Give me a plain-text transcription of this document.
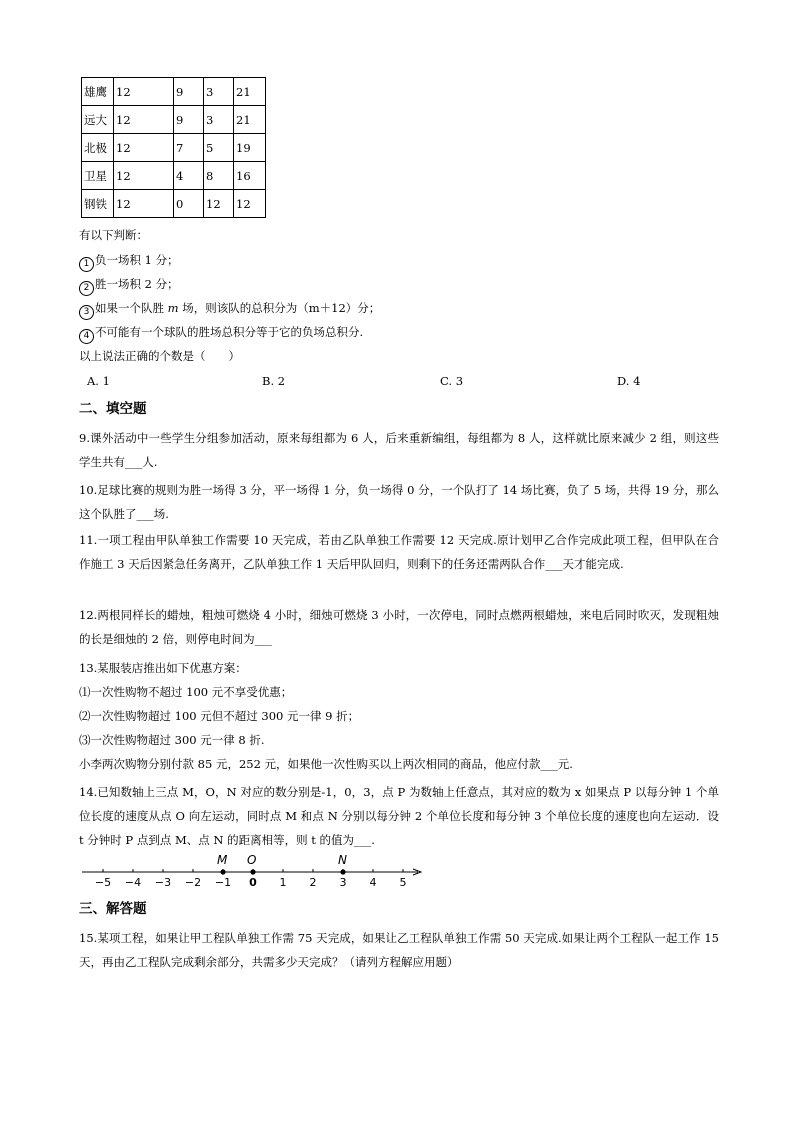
雄鹰	12	9	3	21
远大	12	9	3	21
北极	12	7	5	19
卫星	12	4	8	16
钢铁	12	0	12	12
有以下判断：
1 负一场积 1 分；
2 胜一场积 2 分；
3 如果一个队胜 m 场，则该队的总积分为（m＋12）分；
4 不可能有一个球队的胜场总积分等于它的负场总积分.
以上说法正确的个数是（　　）
A. 1	B. 2	C. 3	D. 4
二、填空题
9.课外活动中一些学生分组参加活动，原来每组都为 6 人，后来重新编组，每组都为 8 人，这样就比原来减少 2 组，则这些学生共有___人.
10.足球比赛的规则为胜一场得 3 分，平一场得 1 分，负一场得 0 分，一个队打了 14 场比赛，负了 5 场，共得 19 分，那么这个队胜了___场.
11.一项工程由甲队单独工作需要 10 天完成，若由乙队单独工作需要 12 天完成.原计划甲乙合作完成此项工程，但甲队在合作施工 3 天后因紧急任务离开，乙队单独工作 1 天后甲队回归，则剩下的任务还需两队合作___天才能完成.
12.两根同样长的蜡烛，粗烛可燃烧 4 小时，细烛可燃烧 3 小时，一次停电，同时点燃两根蜡烛，来电后同时吹灭，发现粗烛的长是细烛的 2 倍，则停电时间为___
13.某服装店推出如下优惠方案：
⑴一次性购物不超过 100 元不享受优惠；
⑵一次性购物超过 100 元但不超过 300 元一律 9 折；
⑶一次性购物超过 300 元一律 8 折.
小李两次购物分别付款 85 元，252 元，如果他一次性购买以上两次相同的商品，他应付款___元.
14.已知数轴上三点 M，O，N 对应的数分别是-1，0，3，点 P 为数轴上任意点，其对应的数为 x 如果点 P 以每分钟 1 个单位长度的速度从点 O 向左运动，同时点 M 和点 N 分别以每分钟 2 个单位长度和每分钟 3 个单位长度的速度也向左运动．设 t 分钟时 P 点到点 M、点 N 的距离相等，则 t 的值为___.
−5 −4 −3 −2 −1 0 1 2 3 4 5
M O	N
三、解答题
15.某项工程，如果让甲工程队单独工作需 75 天完成，如果让乙工程队单独工作需 50 天完成.如果让两个工程队一起工作 15 天，再由乙工程队完成剩余部分，共需多少天完成？（请列方程解应用题）
